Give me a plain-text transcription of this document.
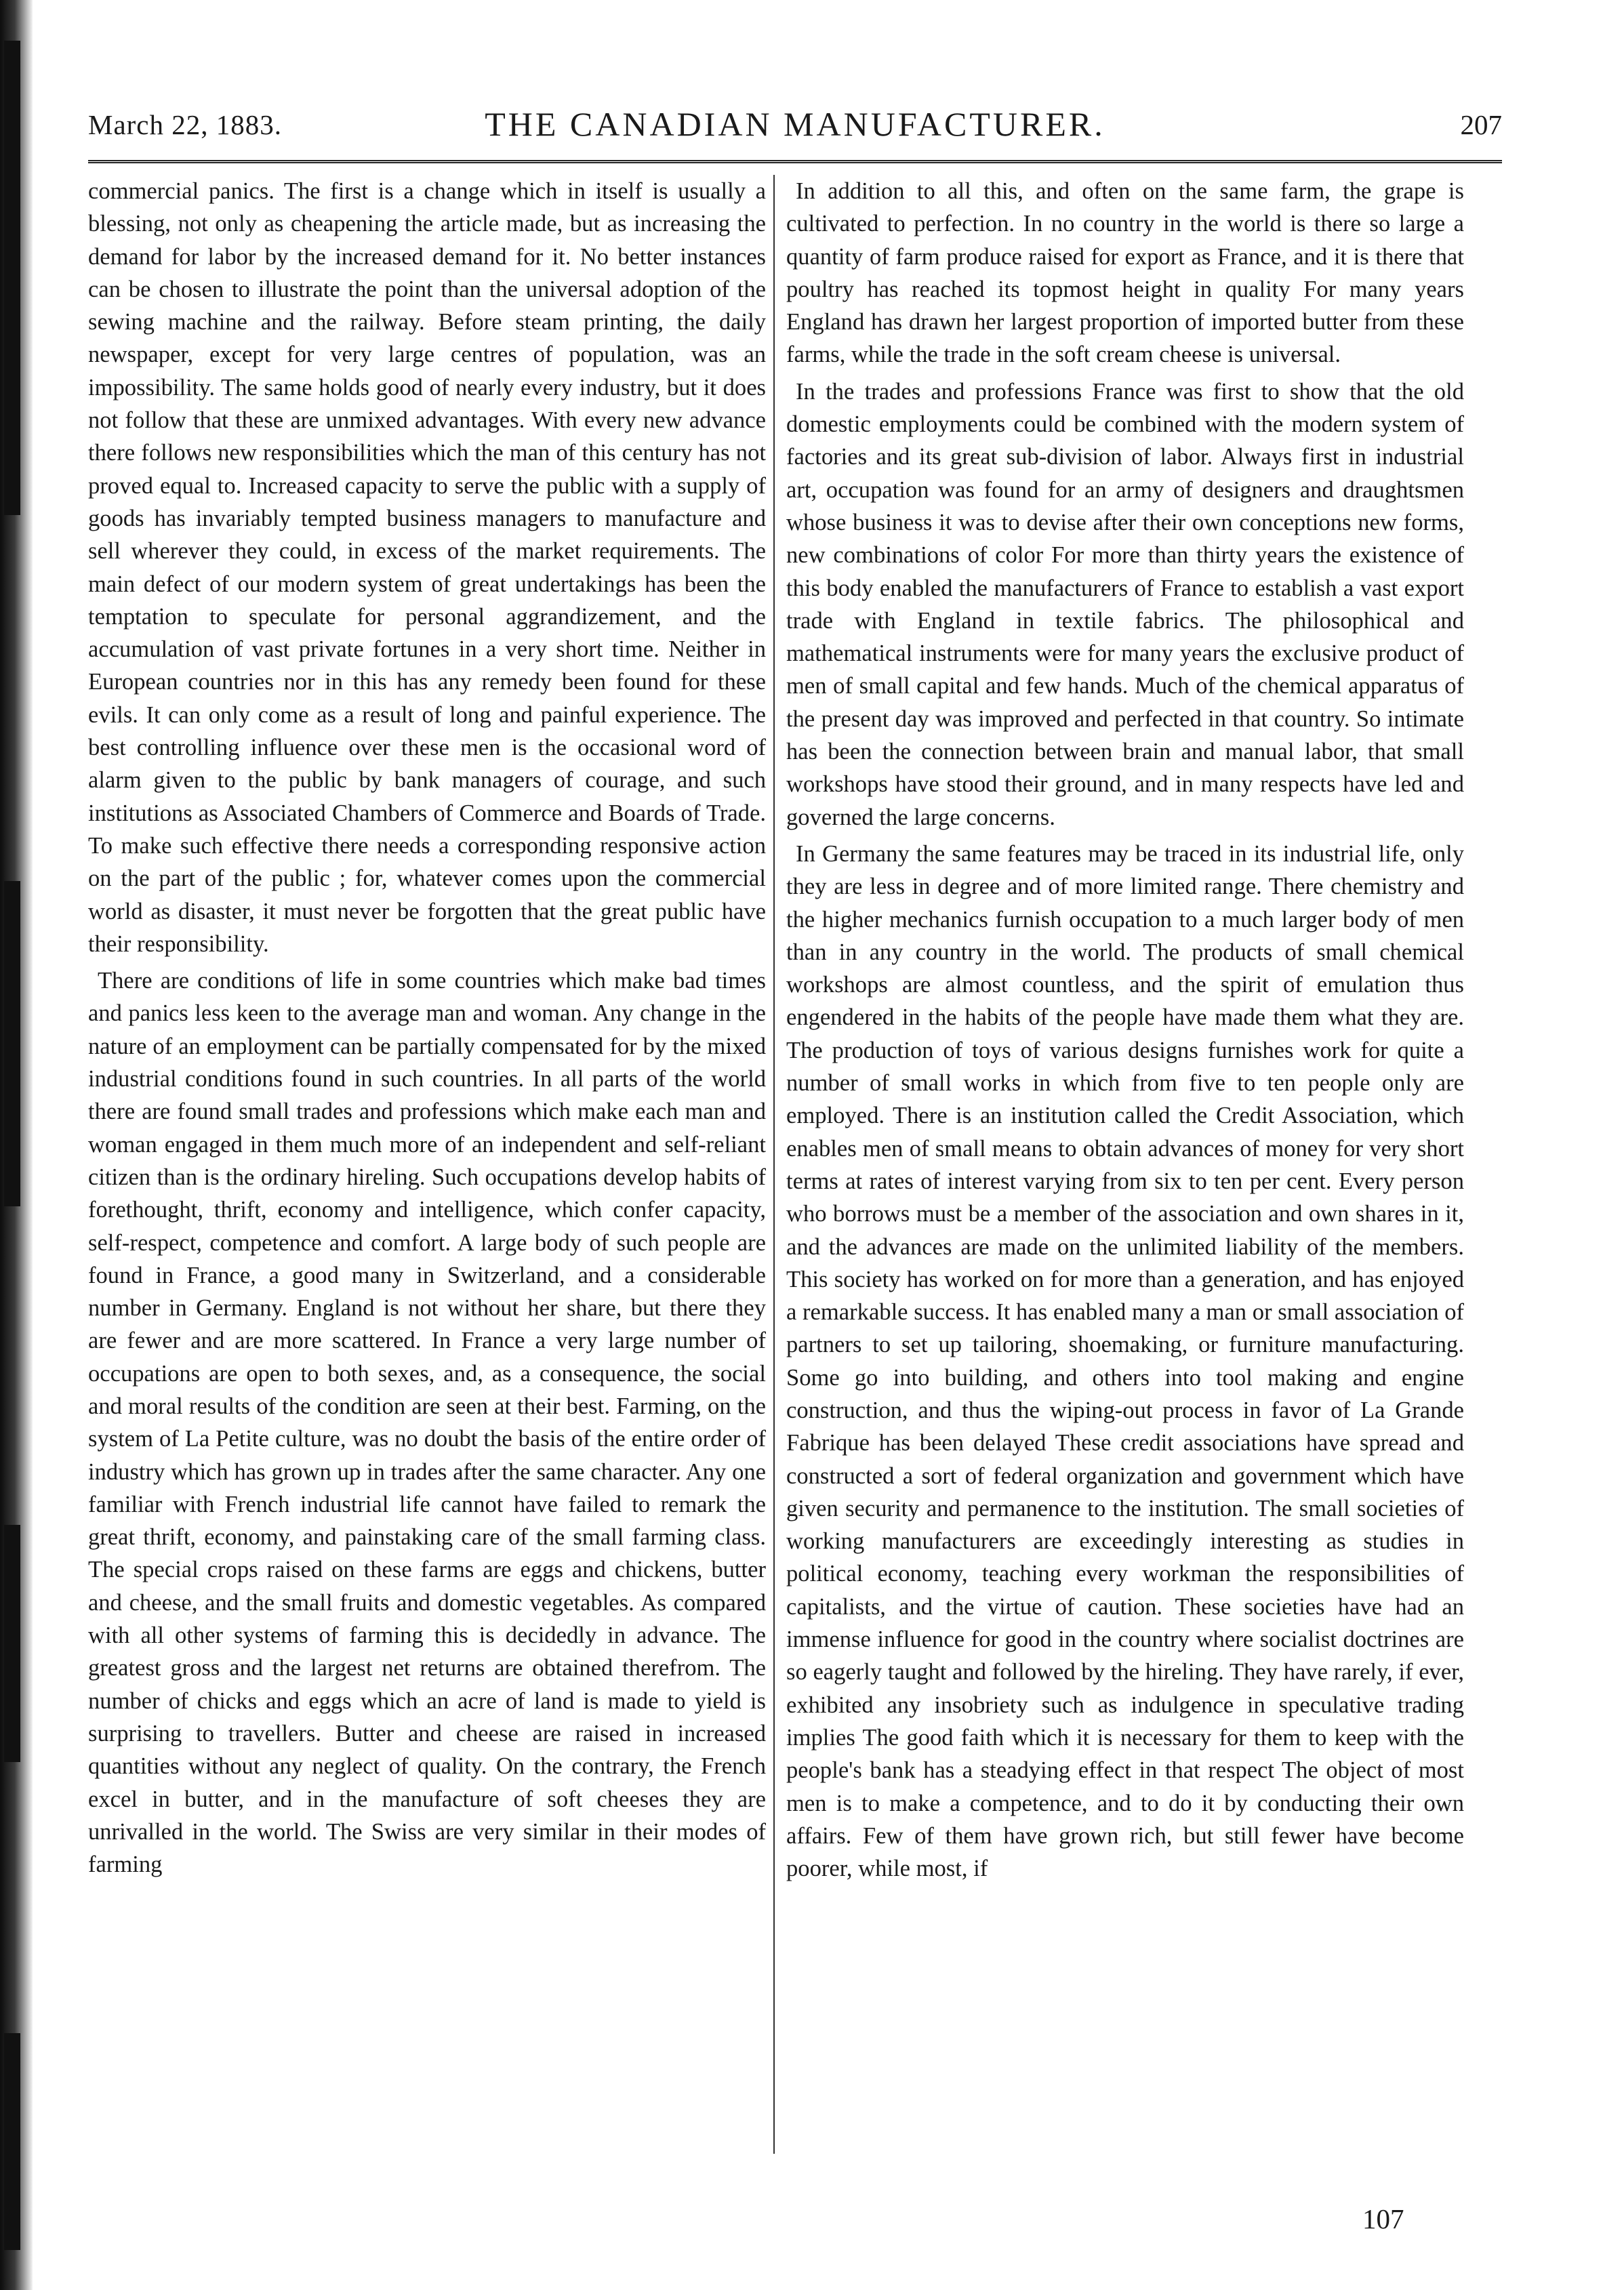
March 22, 1883.	THE CANADIAN MANUFACTURER.	207

commercial panics. The first is a change which in itself is usually a blessing, not only as cheapening the article made, but as increasing the demand for labor by the increased demand for it. No better instances can be chosen to illustrate the point than the universal adoption of the sewing machine and the railway. Before steam printing, the daily newspaper, except for very large centres of population, was an impossibility. The same holds good of nearly every industry, but it does not follow that these are unmixed advantages. With every new advance there follows new responsibilities which the man of this century has not proved equal to. Increased capacity to serve the public with a supply of goods has invariably tempted business managers to manufacture and sell wherever they could, in excess of the market requirements. The main defect of our modern system of great undertakings has been the temptation to speculate for personal aggrandizement, and the accumulation of vast private fortunes in a very short time. Neither in European countries nor in this has any remedy been found for these evils. It can only come as a result of long and painful experience. The best controlling influence over these men is the occasional word of alarm given to the public by bank managers of courage, and such institutions as Associated Chambers of Commerce and Boards of Trade. To make such effective there needs a corresponding responsive action on the part of the public ; for, whatever comes upon the commercial world as disaster, it must never be forgotten that the great public have their responsibility.

There are conditions of life in some countries which make bad times and panics less keen to the average man and woman. Any change in the nature of an employment can be partially compensated for by the mixed industrial conditions found in such countries. In all parts of the world there are found small trades and professions which make each man and woman engaged in them much more of an independent and self-reliant citizen than is the ordinary hireling. Such occupations develop habits of forethought, thrift, economy and intelligence, which confer capacity, self-respect, competence and comfort. A large body of such people are found in France, a good many in Switzerland, and a considerable number in Germany. England is not without her share, but there they are fewer and are more scattered. In France a very large number of occupations are open to both sexes, and, as a consequence, the social and moral results of the condition are seen at their best. Farming, on the system of La Petite culture, was no doubt the basis of the entire order of industry which has grown up in trades after the same character. Any one familiar with French industrial life cannot have failed to remark the great thrift, economy, and painstaking care of the small farming class. The special crops raised on these farms are eggs and chickens, butter and cheese, and the small fruits and domestic vegetables. As compared with all other systems of farming this is decidedly in advance. The greatest gross and the largest net returns are obtained therefrom. The number of chicks and eggs which an acre of land is made to yield is surprising to travellers. Butter and cheese are raised in increased quantities without any neglect of quality. On the contrary, the French excel in butter, and in the manufacture of soft cheeses they are unrivalled in the world. The Swiss are very similar in their modes of farming

In addition to all this, and often on the same farm, the grape is cultivated to perfection. In no country in the world is there so large a quantity of farm produce raised for export as France, and it is there that poultry has reached its topmost height in quality For many years England has drawn her largest proportion of imported butter from these farms, while the trade in the soft cream cheese is universal.

In the trades and professions France was first to show that the old domestic employments could be combined with the modern system of factories and its great sub-division of labor. Always first in industrial art, occupation was found for an army of designers and draughtsmen whose business it was to devise after their own conceptions new forms, new combinations of color For more than thirty years the existence of this body enabled the manufacturers of France to establish a vast export trade with England in textile fabrics. The philosophical and mathematical instruments were for many years the exclusive product of men of small capital and few hands. Much of the chemical apparatus of the present day was improved and perfected in that country. So intimate has been the connection between brain and manual labor, that small workshops have stood their ground, and in many respects have led and governed the large concerns.

In Germany the same features may be traced in its industrial life, only they are less in degree and of more limited range. There chemistry and the higher mechanics furnish occupation to a much larger body of men than in any country in the world. The products of small chemical workshops are almost countless, and the spirit of emulation thus engendered in the habits of the people have made them what they are. The production of toys of various designs furnishes work for quite a number of small works in which from five to ten people only are employed. There is an institution called the Credit Association, which enables men of small means to obtain advances of money for very short terms at rates of interest varying from six to ten per cent. Every person who borrows must be a member of the association and own shares in it, and the advances are made on the unlimited liability of the members. This society has worked on for more than a generation, and has enjoyed a remarkable success. It has enabled many a man or small association of partners to set up tailoring, shoemaking, or furniture manufacturing. Some go into building, and others into tool making and engine construction, and thus the wiping-out process in favor of La Grande Fabrique has been delayed These credit associations have spread and constructed a sort of federal organization and government which have given security and permanence to the institution. The small societies of working manufacturers are exceedingly interesting as studies in political economy, teaching every workman the responsibilities of capitalists, and the virtue of caution. These societies have had an immense influence for good in the country where socialist doctrines are so eagerly taught and followed by the hireling. They have rarely, if ever, exhibited any insobriety such as indulgence in speculative trading implies The good faith which it is necessary for them to keep with the people's bank has a steadying effect in that respect The object of most men is to make a competence, and to do it by conducting their own affairs. Few of them have grown rich, but still fewer have become poorer, while most, if

107
